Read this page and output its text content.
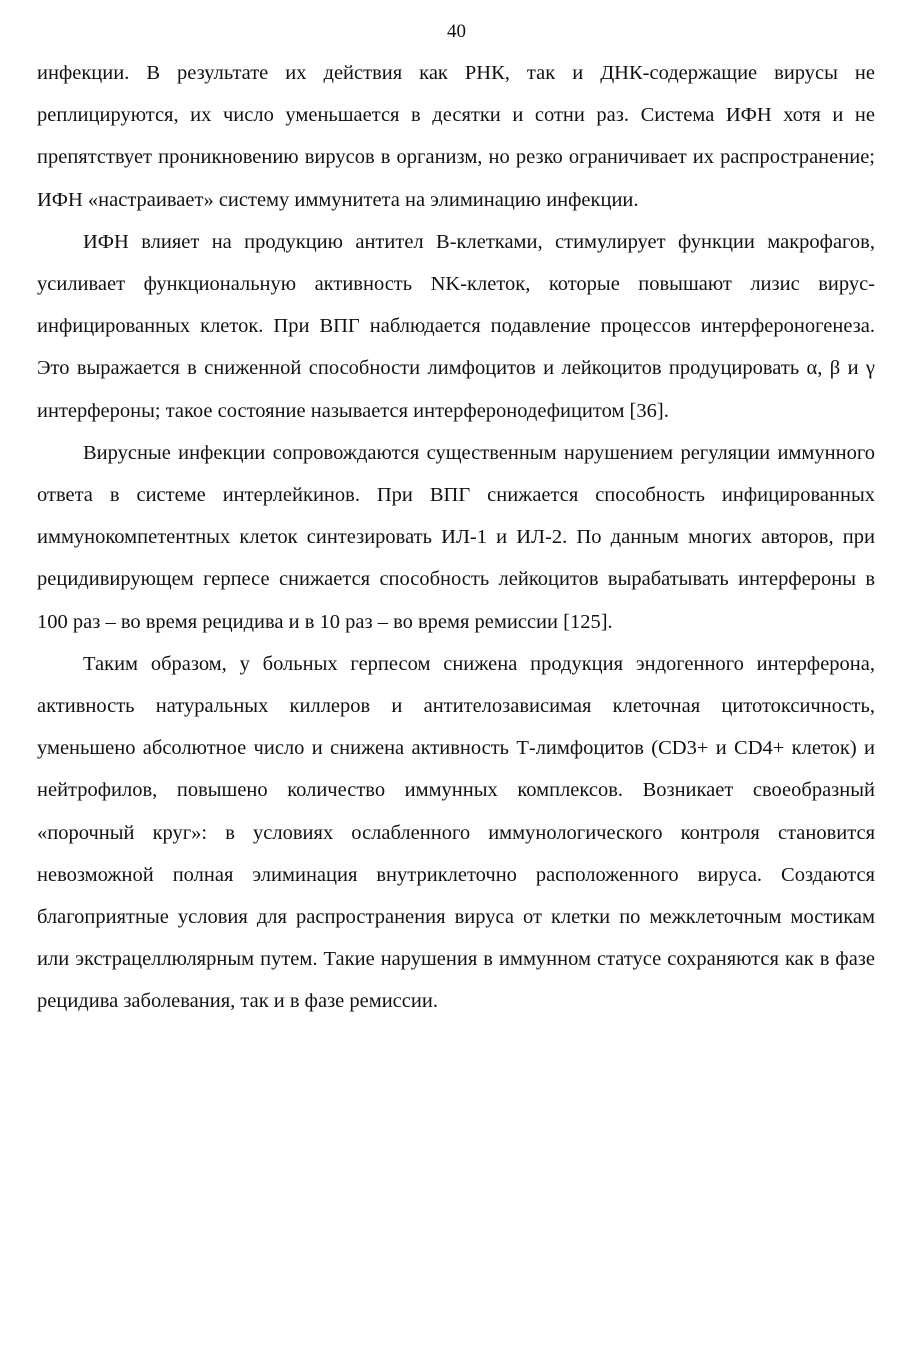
40

инфекции. В результате их действия как РНК, так и ДНК-содержащие вирусы не реплицируются, их число уменьшается в десятки и сотни раз. Система ИФН хотя и не препятствует проникновению вирусов в организм, но резко ограничивает их распространение; ИФН «настраивает» систему иммунитета на элиминацию инфекции.

ИФН влияет на продукцию антител В-клетками, стимулирует функции макрофагов, усиливает функциональную активность NK-клеток, которые повышают лизис вирус-инфицированных клеток. При ВПГ наблюдается подавление процессов интерфероногенеза. Это выражается в сниженной способности лимфоцитов и лейкоцитов продуцировать α, β и γ интерфероны; такое состояние называется интерферонодефицитом [36].

Вирусные инфекции сопровождаются существенным нарушением регуляции иммунного ответа в системе интерлейкинов. При ВПГ снижается способность инфицированных иммунокомпетентных клеток синтезировать ИЛ-1 и ИЛ-2. По данным многих авторов, при рецидивирующем герпесе снижается способность лейкоцитов вырабатывать интерфероны в 100 раз – во время рецидива и в 10 раз – во время ремиссии [125].

Таким образом, у больных герпесом снижена продукция эндогенного интерферона, активность натуральных киллеров и антителозависимая клеточная цитотоксичность, уменьшено абсолютное число и снижена активность Т-лимфоцитов (CD3+ и CD4+ клеток) и нейтрофилов, повышено количество иммунных комплексов. Возникает своеобразный «порочный круг»: в условиях ослабленного иммунологического контроля становится невозможной полная элиминация внутриклеточно расположенного вируса. Создаются благоприятные условия для распространения вируса от клетки по межклеточным мостикам или экстрацеллюлярным путем. Такие нарушения в иммунном статусе сохраняются как в фазе рецидива заболевания, так и в фазе ремиссии.
